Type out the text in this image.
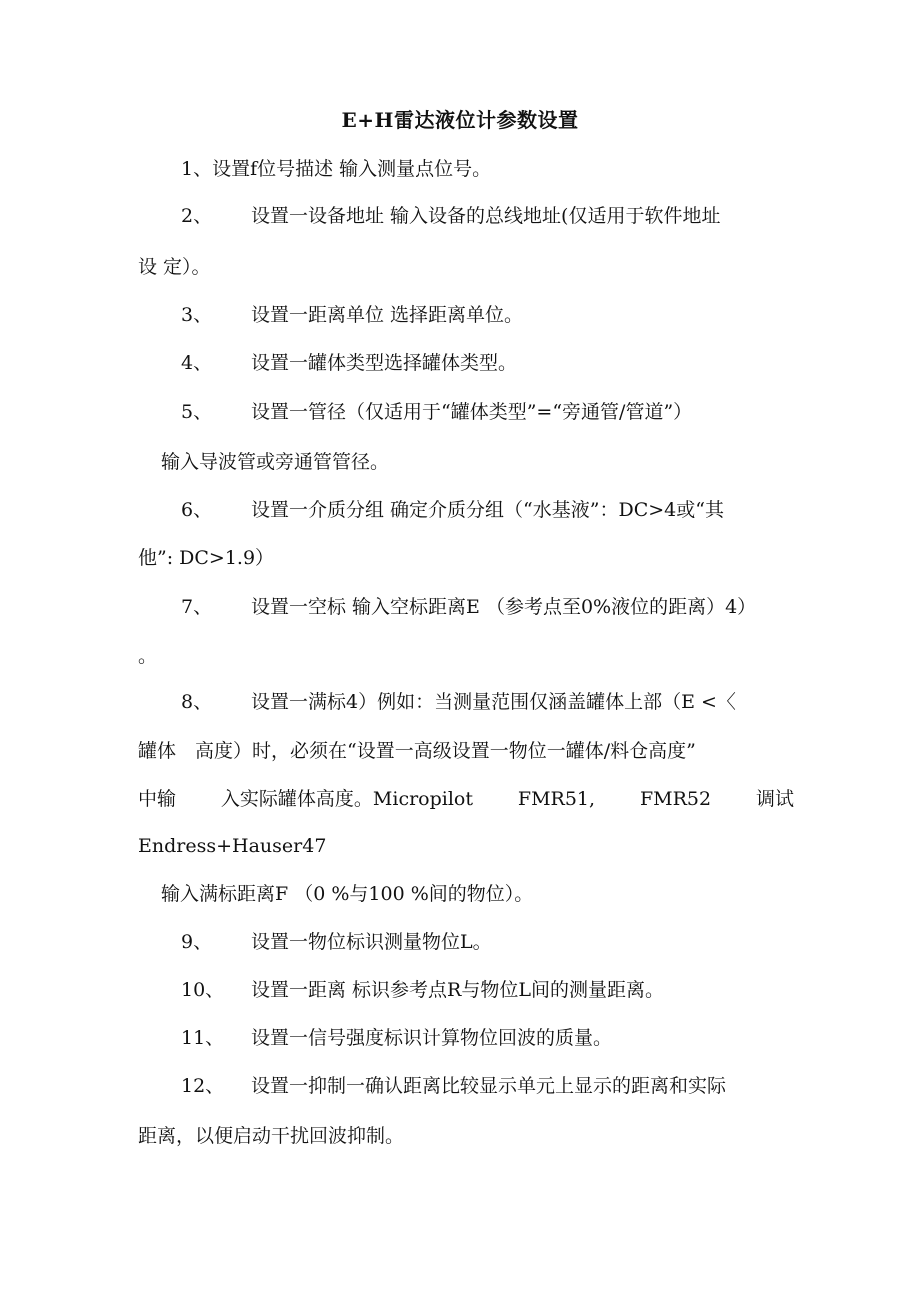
E+H雷达液位计参数设置
1、设置f位号描述 输入测量点位号。
2、 设置一设备地址 输入设备的总线地址(仅适用于软件地址
设 定）。
3、 设置一距离单位 选择距离单位。
4、 设置一罐体类型选择罐体类型。
5、 设置一管径（仅适用于“罐体类型”=“旁通管/管道”）
输入导波管或旁通管管径。
6、 设置一介质分组 确定介质分组（“水基液”：DC>4或“其
他”: DC>1.9）
7、 设置一空标 输入空标距离E （参考点至0%液位的距离）4）
。
8、 设置一满标4）例如：当测量范围仅涵盖罐体上部（E <〈
罐体　高度）时，必须在“设置一高级设置一物位一罐体/料仓高度”
中输 入实际罐体高度。Micropilot FMR51, FMR52 调试
Endress+Hauser47
输入满标距离F （0 %与100 %间的物位）。
9、 设置一物位标识测量物位L。
10、 设置一距离 标识参考点R与物位L间的测量距离。
11、 设置一信号强度标识计算物位回波的质量。
12、 设置一抑制一确认距离比较显示单元上显示的距离和实际
距离，以便启动干扰回波抑制。
